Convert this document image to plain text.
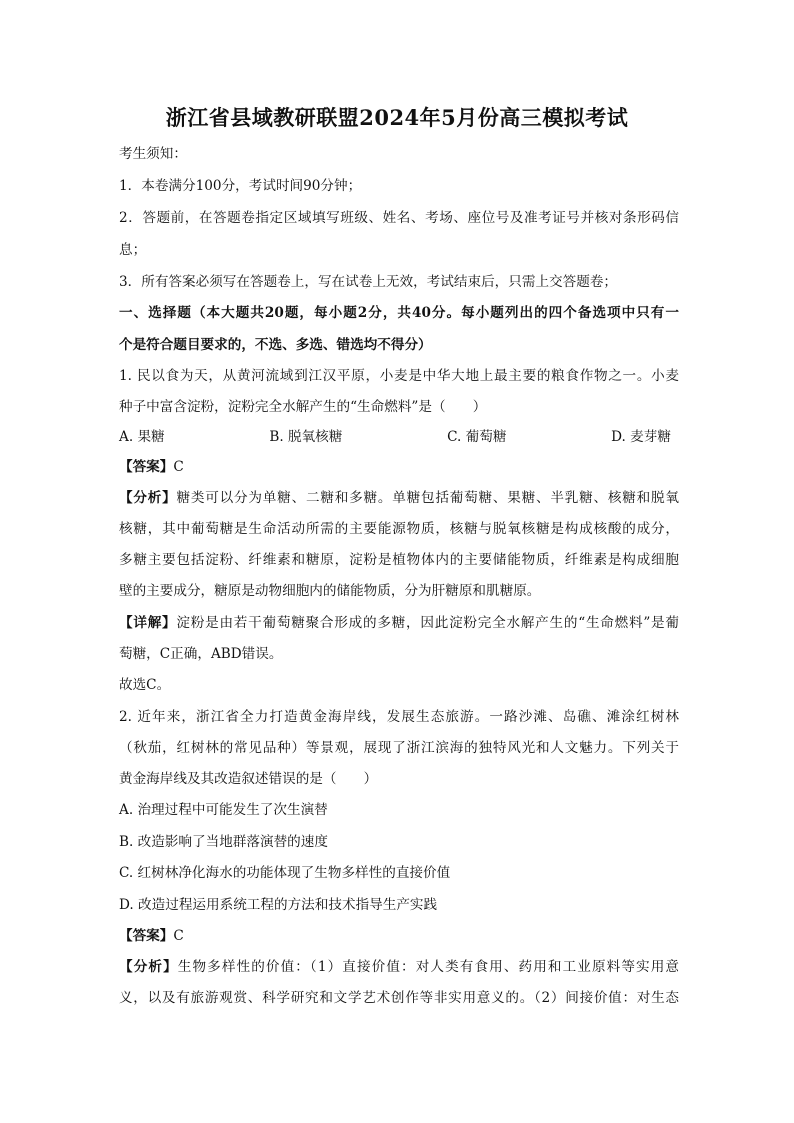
浙江省县域教研联盟2024年5月份高三模拟考试
考生须知：
1．本卷满分100分，考试时间90分钟；
2．答题前，在答题卷指定区域填写班级、姓名、考场、座位号及准考证号并核对条形码信
息；
3．所有答案必须写在答题卷上，写在试卷上无效，考试结束后，只需上交答题卷；
一、选择题（本大题共20题，每小题2分，共40分。每小题列出的四个备选项中只有一
个是符合题目要求的，不选、多选、错选均不得分）
1. 民以食为天，从黄河流域到江汉平原，小麦是中华大地上最主要的粮食作物之一。小麦
种子中富含淀粉，淀粉完全水解产生的“生命燃料”是（　　）
A. 果糖	B. 脱氧核糖	C. 葡萄糖	D. 麦芽糖
【答案】C
【分析】糖类可以分为单糖、二糖和多糖。单糖包括葡萄糖、果糖、半乳糖、核糖和脱氧
核糖，其中葡萄糖是生命活动所需的主要能源物质，核糖与脱氧核糖是构成核酸的成分，
多糖主要包括淀粉、纤维素和糖原，淀粉是植物体内的主要储能物质，纤维素是构成细胞
壁的主要成分，糖原是动物细胞内的储能物质，分为肝糖原和肌糖原。
【详解】淀粉是由若干葡萄糖聚合形成的多糖，因此淀粉完全水解产生的“生命燃料”是葡
萄糖，C正确，ABD错误。
故选C。
2. 近年来，浙江省全力打造黄金海岸线，发展生态旅游。一路沙滩、岛礁、滩涂红树林
（秋茄，红树林的常见品种）等景观，展现了浙江滨海的独特风光和人文魅力。下列关于
黄金海岸线及其改造叙述错误的是（　　）
A. 治理过程中可能发生了次生演替
B. 改造影响了当地群落演替的速度
C. 红树林净化海水的功能体现了生物多样性的直接价值
D. 改造过程运用系统工程的方法和技术指导生产实践
【答案】C
【分析】生物多样性的价值：（1）直接价值：对人类有食用、药用和工业原料等实用意
义，以及有旅游观赏、科学研究和文学艺术创作等非实用意义的。（2）间接价值：对生态
